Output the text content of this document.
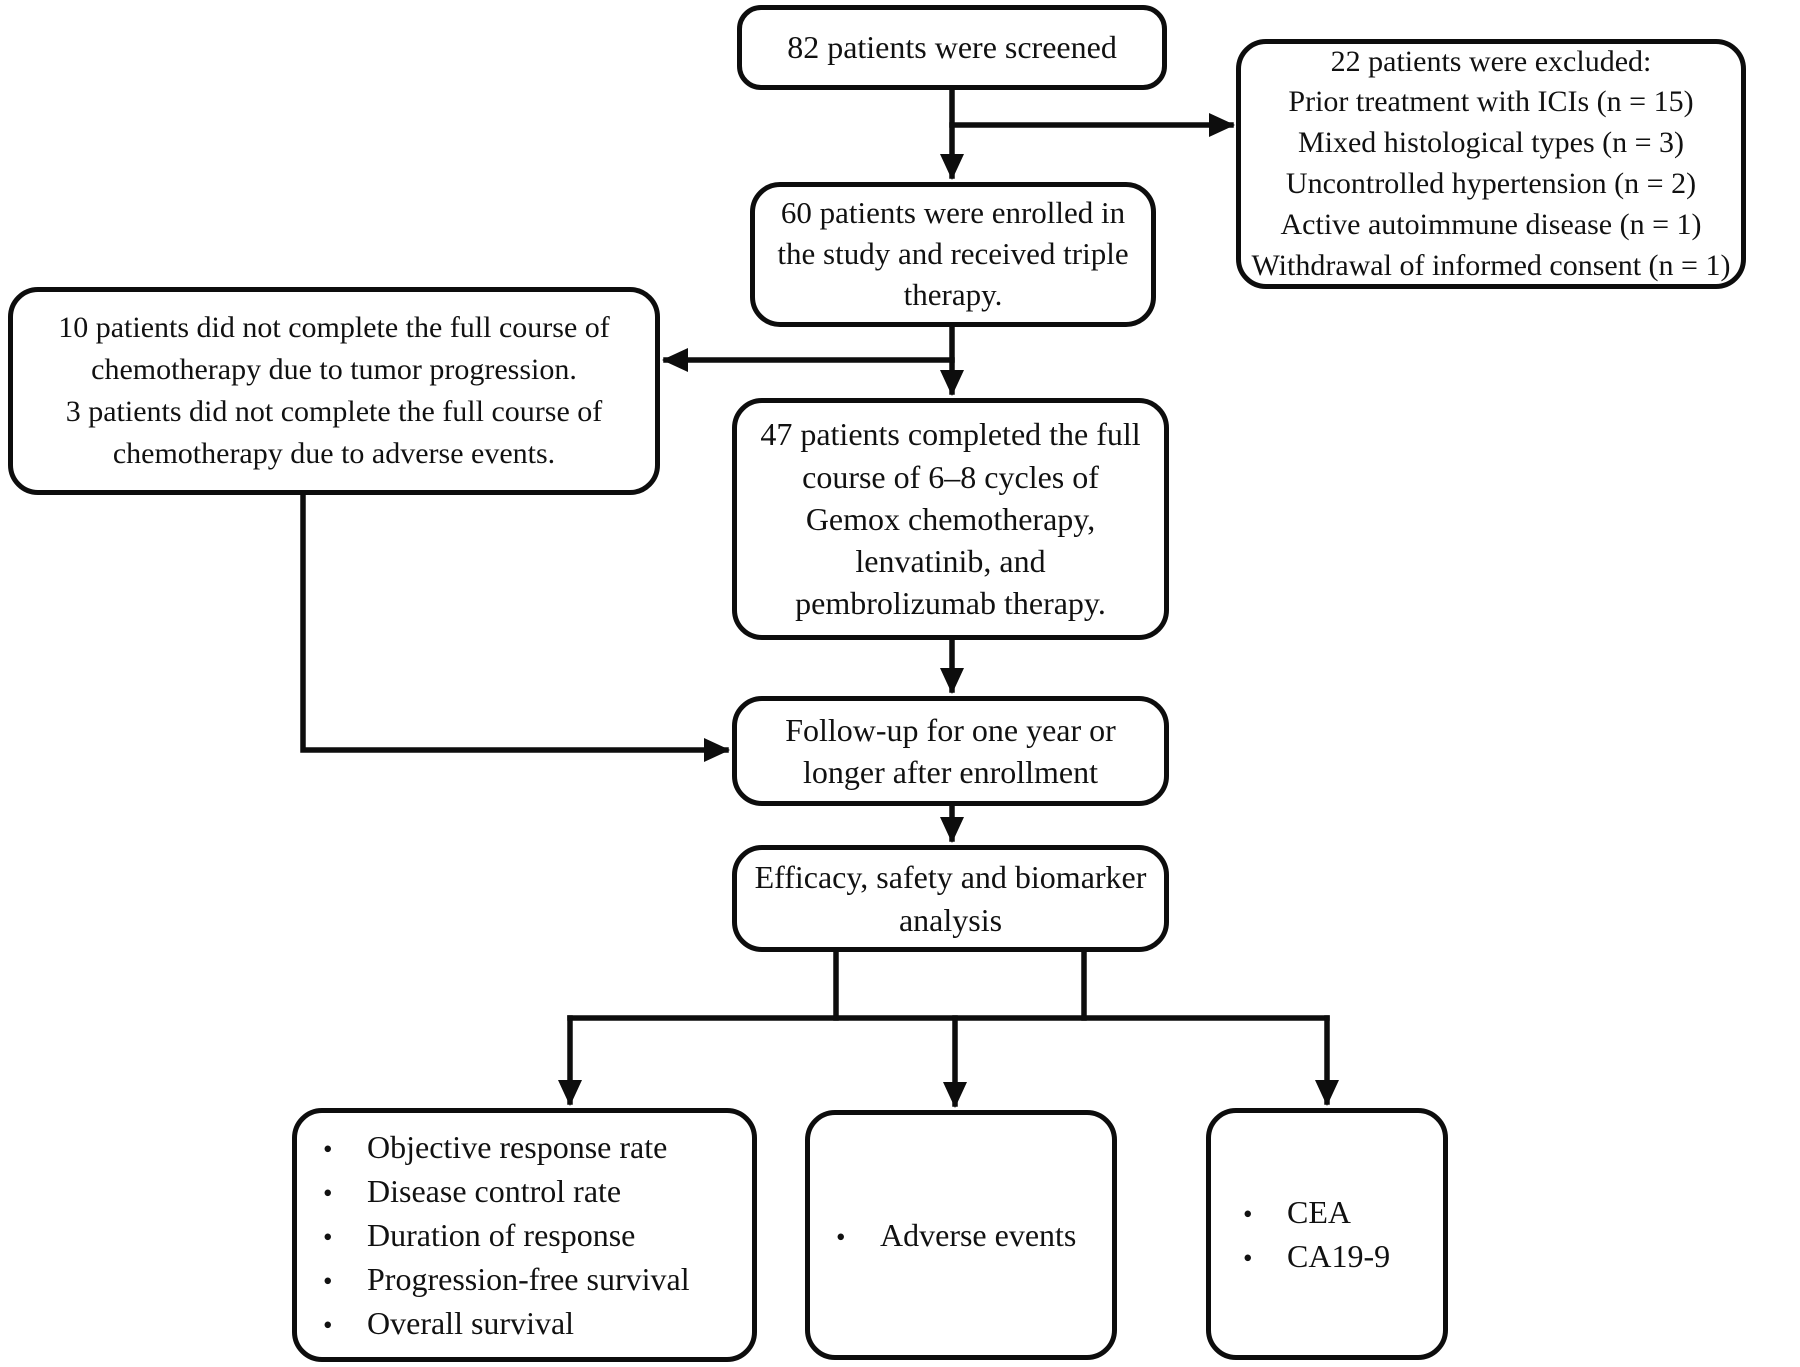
82 patients were screened	22 patients were excluded:
Prior treatment with ICIs (n = 15)
Mixed histological types (n = 3)
Uncontrolled hypertension (n = 2)
Active autoimmune disease (n = 1)
Withdrawal of informed consent (n = 1)
60 patients were enrolled in
the study and received triple
therapy.
10 patients did not complete the full course of
chemotherapy due to tumor progression.
3 patients did not complete the full course of
chemotherapy due to adverse events.
47 patients completed the full
course of 6–8 cycles of
Gemox chemotherapy,
lenvatinib, and
pembrolizumab therapy.
Follow-up for one year or
longer after enrollment
Efficacy, safety and biomarker
analysis
•	Objective response rate
•	Disease control rate
•	Duration of response
•	Progression-free survival
•	Overall survival
•	Adverse events
•	CEA
•	CA19-9
